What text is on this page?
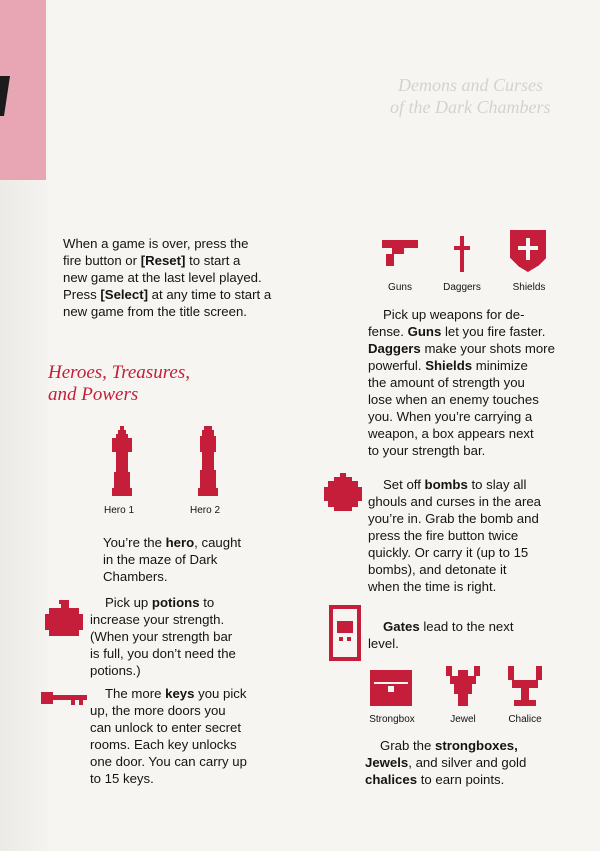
Demons and Curses
of the Dark Chambers

When a game is over, press the
fire button or [Reset] to start a
new game at the last level played.
Press [Select] at any time to start a
new game from the title screen.

Heroes, Treasures,
and Powers
Hero 1	Hero 2

You’re the hero, caught
in the maze of Dark
Chambers.

Pick up potions to
increase your strength.
(When your strength bar
is full, you don’t need the
potions.)

The more keys you pick
up, the more doors you
can unlock to enter secret
rooms. Each key unlocks
one door. You can carry up
to 15 keys.

Guns	Daggers	Shields

Pick up weapons for de-
fense. Guns let you fire faster.
Daggers make your shots more
powerful. Shields minimize
the amount of strength you
lose when an enemy touches
you. When you’re carrying a
weapon, a box appears next
to your strength bar.

Set off bombs to slay all
ghouls and curses in the area
you’re in. Grab the bomb and
press the fire button twice
quickly. Or carry it (up to 15
bombs), and detonate it
when the time is right.

Gates lead to the next
level.

Strongbox	Jewel	Chalice

Grab the strongboxes,
Jewels, and silver and gold
chalices to earn points.
